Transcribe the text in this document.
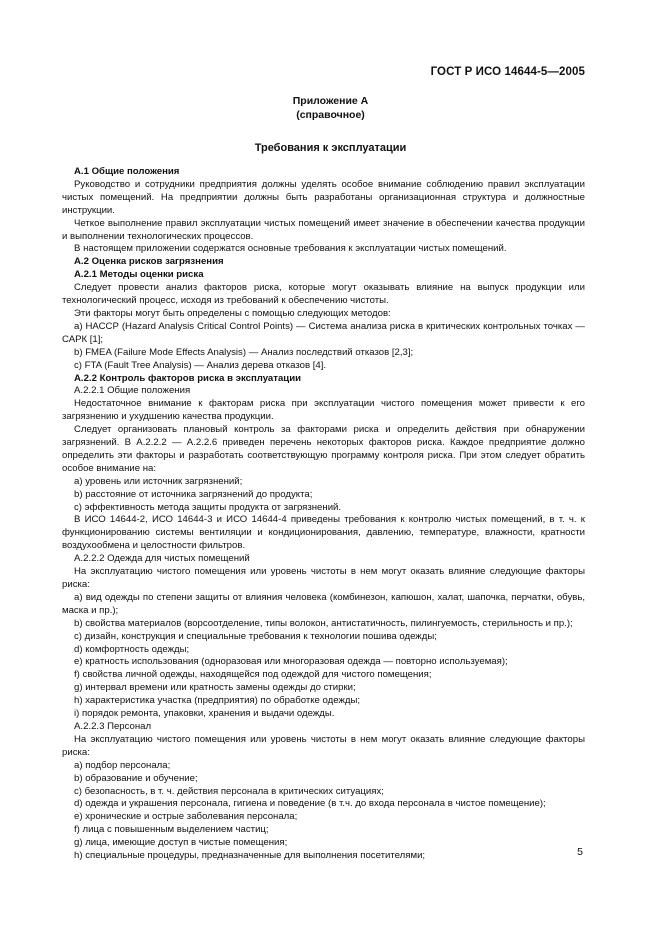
ГОСТ Р ИСО 14644-5—2005
Приложение А
(справочное)
Требования к эксплуатации

А.1 Общие положения

Руководство и сотрудники предприятия должны уделять особое внимание соблюдению правил эксплуатации чистых помещений. На предприятии должны быть разработаны организационная структура и должностные инструкции.

Четкое выполнение правил эксплуатации чистых помещений имеет значение в обеспечении качества продукции и выполнении технологических процессов.

В настоящем приложении содержатся основные требования к эксплуатации чистых помещений.

А.2 Оценка рисков загрязнения

А.2.1 Методы оценки риска

Следует провести анализ факторов риска, которые могут оказывать влияние на выпуск продукции или технологический процесс, исходя из требований к обеспечению чистоты.

Эти факторы могут быть определены с помощью следующих методов:

а) НАССР (Hazard Analysis Critical Control Points) — Система анализа риска в критических контрольных точках — САРК [1];

b) FMEA (Failure Mode Effects Analysis) — Анализ последствий отказов [2,3];

с) FTA (Fault Tree Analysis) — Анализ дерева отказов [4].

А.2.2 Контроль факторов риска в эксплуатации

А.2.2.1 Общие положения

Недостаточное внимание к факторам риска при эксплуатации чистого помещения может привести к его загрязнению и ухудшению качества продукции.

Следует организовать плановый контроль за факторами риска и определить действия при обнаружении загрязнений. В А.2.2.2 — А.2.2.6 приведен перечень некоторых факторов риска. Каждое предприятие должно определить эти факторы и разработать соответствующую программу контроля риска. При этом следует обратить особое внимание на:

а) уровень или источник загрязнений;

b) расстояние от источника загрязнений до продукта;

с) эффективность метода защиты продукта от загрязнений.

В ИСО 14644-2, ИСО 14644-3 и ИСО 14644-4 приведены требования к контролю чистых помещений, в т. ч. к функционированию системы вентиляции и кондиционирования, давлению, температуре, влажности, кратности воздухообмена и целостности фильтров.

А.2.2.2 Одежда для чистых помещений

На эксплуатацию чистого помещения или уровень чистоты в нем могут оказать влияние следующие факторы риска:

а) вид одежды по степени защиты от влияния человека (комбинезон, капюшон, халат, шапочка, перчатки, обувь, маска и пр.);

b) свойства материалов (ворсоотделение, типы волокон, антистатичность, пилингуемость, стерильность и пр.);

с) дизайн, конструкция и специальные требования к технологии пошива одежды;

d) комфортность одежды;

е) кратность использования (одноразовая или многоразовая одежда — повторно используемая);

f) свойства личной одежды, находящейся под одеждой для чистого помещения;

g) интервал времени или кратность замены одежды до стирки;

h) характеристика участка (предприятия) по обработке одежды;

i) порядок ремонта, упаковки, хранения и выдачи одежды.

А.2.2.3 Персонал

На эксплуатацию чистого помещения или уровень чистоты в нем могут оказать влияние следующие факторы риска:

а) подбор персонала;

b) образование и обучение;

с) безопасность, в т. ч. действия персонала в критических ситуациях;

d) одежда и украшения персонала, гигиена и поведение (в т.ч. до входа персонала в чистое помещение);

е) хронические и острые заболевания персонала;

f) лица с повышенным выделением частиц;

g) лица, имеющие доступ в чистые помещения;

h) специальные процедуры, предназначенные для выполнения посетителями;	5
